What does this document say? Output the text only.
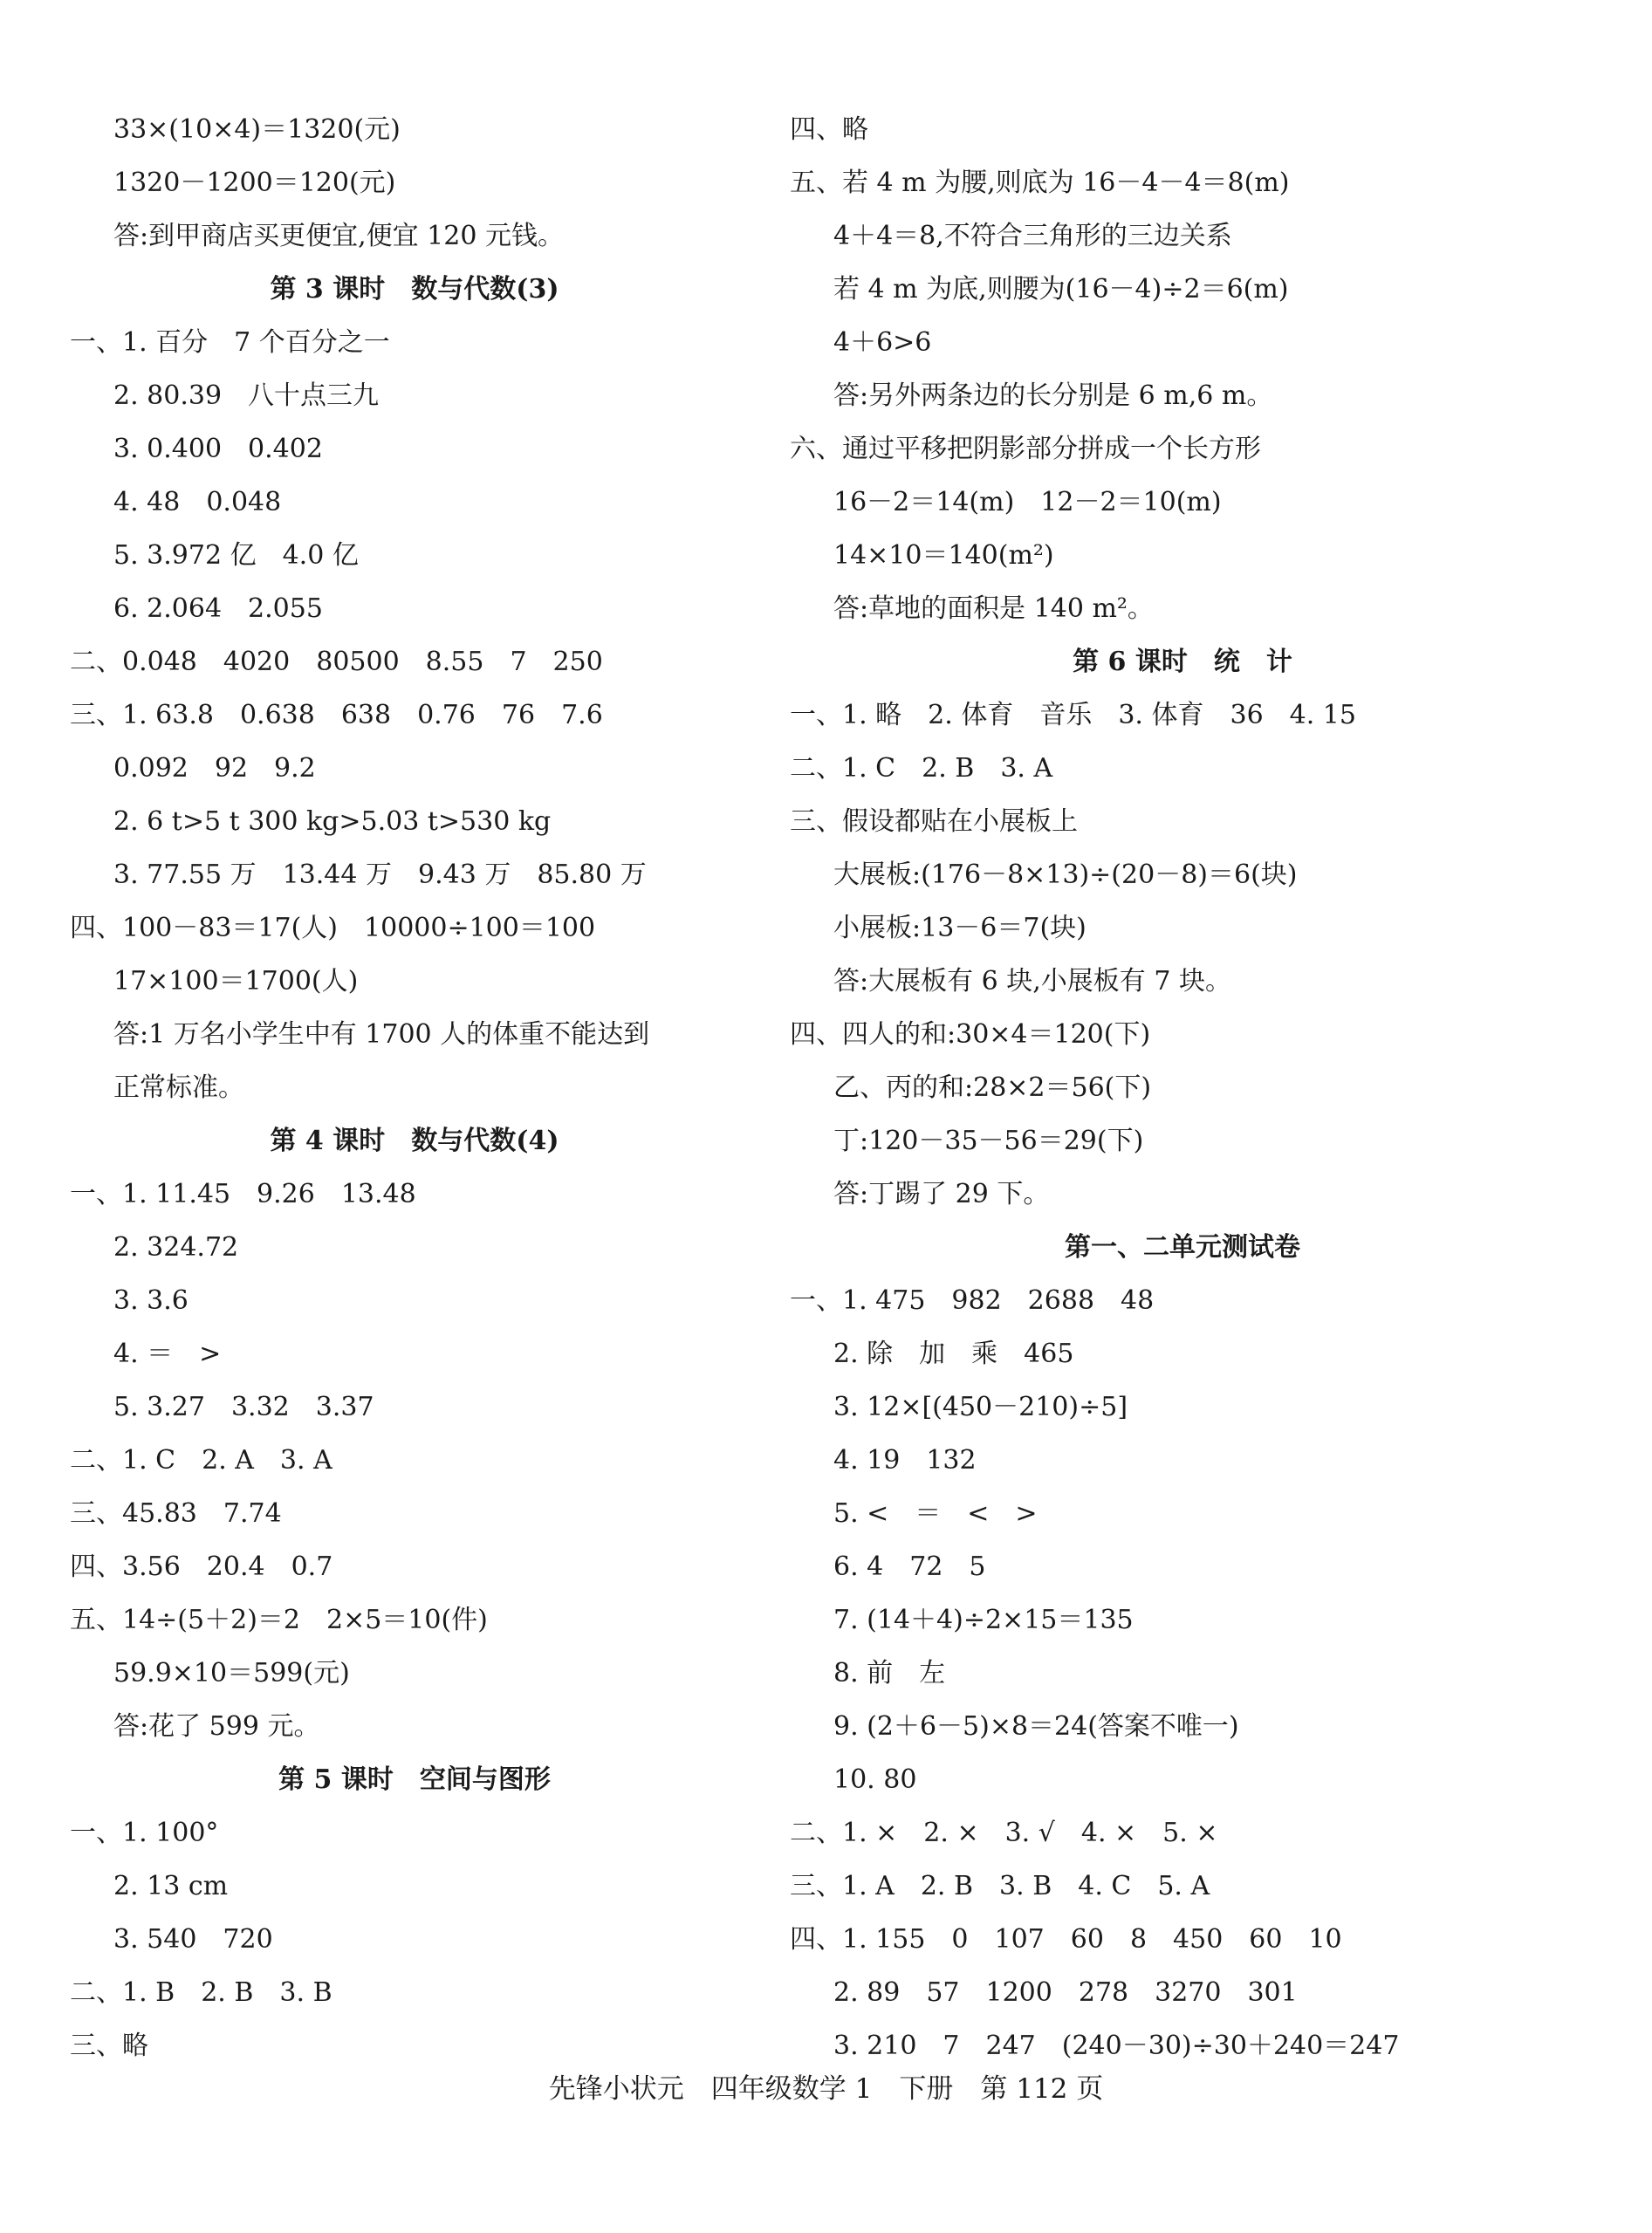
33×(10×4)＝1320(元)
1320－1200＝120(元)
答:到甲商店买更便宜,便宜 120 元钱。
第 3 课时　数与代数(3)
一、1. 百分　7 个百分之一
2. 80.39　八十点三九
3. 0.400　0.402
4. 48　0.048
5. 3.972 亿　4.0 亿
6. 2.064　2.055
二、0.048　4020　80500　8.55　7　250
三、1. 63.8　0.638　638　0.76　76　7.6
0.092　92　9.2
2. 6 t>5 t 300 kg>5.03 t>530 kg
3. 77.55 万　13.44 万　9.43 万　85.80 万
四、100－83＝17(人)　10000÷100＝100
17×100＝1700(人)
答:1 万名小学生中有 1700 人的体重不能达到
正常标准。
第 4 课时　数与代数(4)
一、1. 11.45　9.26　13.48
2. 324.72
3. 3.6
4. ＝　>
5. 3.27　3.32　3.37
二、1. C　2. A　3. A
三、45.83　7.74
四、3.56　20.4　0.7
五、14÷(5＋2)＝2　2×5＝10(件)
59.9×10＝599(元)
答:花了 599 元。
第 5 课时　空间与图形
一、1. 100°
2. 13 cm
3. 540　720
二、1. B　2. B　3. B
三、略
四、略
五、若 4 m 为腰,则底为 16－4－4＝8(m)
4＋4＝8,不符合三角形的三边关系
若 4 m 为底,则腰为(16－4)÷2＝6(m)
4＋6>6
答:另外两条边的长分别是 6 m,6 m。
六、通过平移把阴影部分拼成一个长方形
16－2＝14(m)　12－2＝10(m)
14×10＝140(m²)
答:草地的面积是 140 m²。
第 6 课时　统　计
一、1. 略　2. 体育　音乐　3. 体育　36　4. 15
二、1. C　2. B　3. A
三、假设都贴在小展板上
大展板:(176－8×13)÷(20－8)＝6(块)
小展板:13－6＝7(块)
答:大展板有 6 块,小展板有 7 块。
四、四人的和:30×4＝120(下)
乙、丙的和:28×2＝56(下)
丁:120－35－56＝29(下)
答:丁踢了 29 下。
第一、二单元测试卷
一、1. 475　982　2688　48
2. 除　加　乘　465
3. 12×[(450－210)÷5]
4. 19　132
5. <　＝　<　>
6. 4　72　5
7. (14＋4)÷2×15＝135
8. 前　左
9. (2＋6－5)×8＝24(答案不唯一)
10. 80
二、1. ×　2. ×　3. √　4. ×　5. ×
三、1. A　2. B　3. B　4. C　5. A
四、1. 155　0　107　60　8　450　60　10
2. 89　57　1200　278　3270　301
3. 210　7　247　(240－30)÷30＋240＝247
先锋小状元　四年级数学 1　下册　第 112 页
